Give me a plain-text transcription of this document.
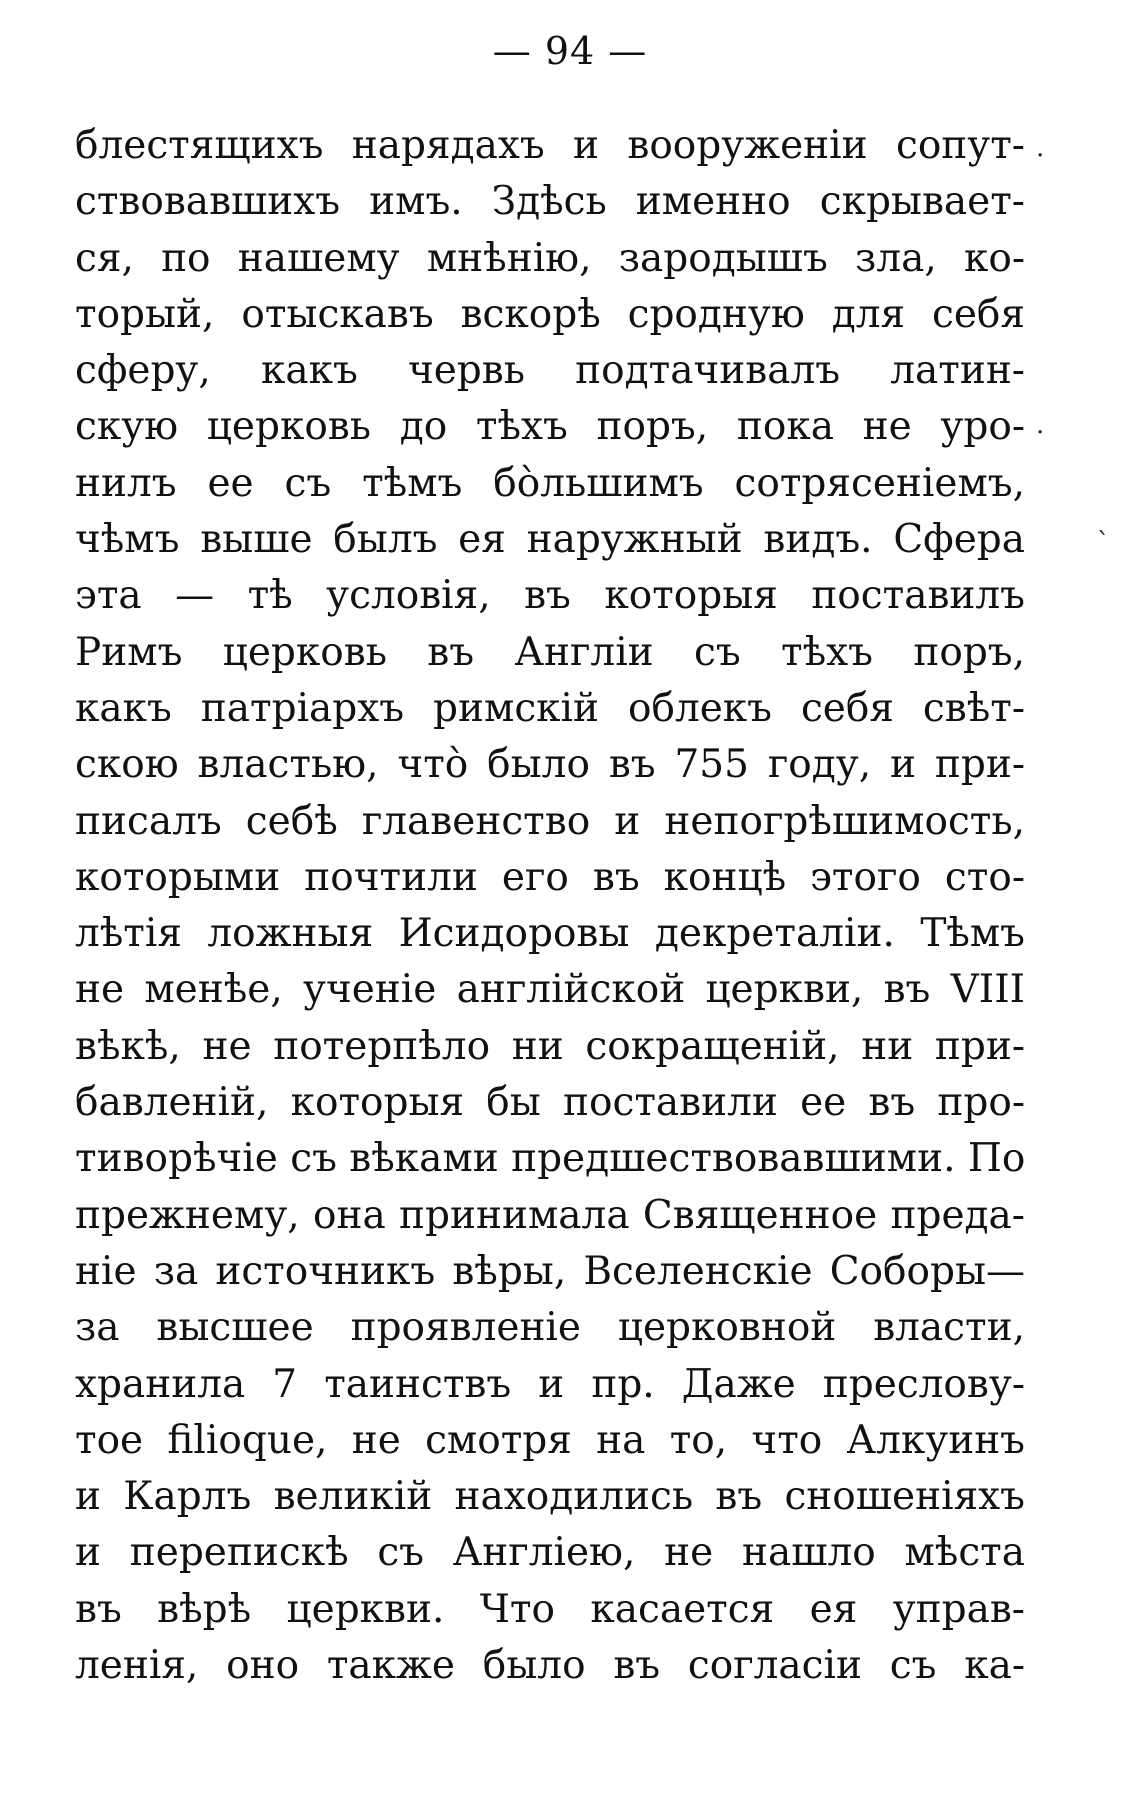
— 94 —
блестящихъ нарядахъ и вооруженіи сопут-
ствовавшихъ имъ. Здѣсь именно скрывает-
ся, по нашему мнѣнію, зародышъ зла, ко-
торый, отыскавъ вскорѣ сродную для себя
сферу, какъ червь подтачивалъ латин-
скую церковь до тѣхъ поръ, пока не уро-
нилъ ее съ тѣмъ бо̀льшимъ сотрясеніемъ,
чѣмъ выше былъ ея наружный видъ. Сфера
эта — тѣ условія, въ которыя поставилъ
Римъ церковь въ Англіи съ тѣхъ поръ,
какъ патріархъ римскій облекъ себя свѣт-
скою властью, что̀ было въ 755 году, и при-
писалъ себѣ главенство и непогрѣшимость,
которыми почтили его въ концѣ этого сто-
лѣтія ложныя Исидоровы декреталіи. Тѣмъ
не менѣе, ученіе англійской церкви, въ VIII
вѣкѣ, не потерпѣло ни сокращеній, ни при-
бавленій, которыя бы поставили ее въ про-
тиворѣчіе съ вѣками предшествовавшими. По
прежнему, она принимала Священное преда-
ніе за источникъ вѣры, Вселенскіе Соборы—
за высшее проявленіе церковной власти,
хранила 7 таинствъ и пр. Даже преслову-
тое filioque, не смотря на то, что Алкуинъ
и Карлъ великій находились въ сношеніяхъ
и перепискѣ съ Англіею, не нашло мѣста
въ вѣрѣ церкви. Что касается ея управ-
ленія, оно также было въ согласіи съ ка-
.
·
`
